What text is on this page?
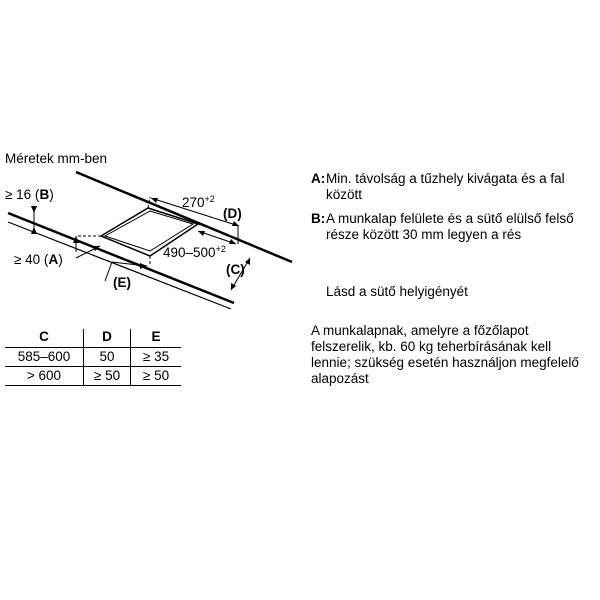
Méretek mm-ben
≥ 16 (B)
≥ 40 (A)
(E)
(C)
(D)
$270^{+2}$
$490-500^{+2}$
C	D	E
585–600	50	≥ 35
> 600	≥ 50	≥ 50
A: Min. távolság a tűzhely kivágata és a fal között
B: A munkalap felülete és a sütő elülső felső része között 30 mm legyen a rés
Lásd a sütő helyigényét
A munkalapnak, amelyre a főzőlapot felszerelik, kb. 60 kg teherbírásának kell lennie; szükség esetén használjon megfelelő alapozást
